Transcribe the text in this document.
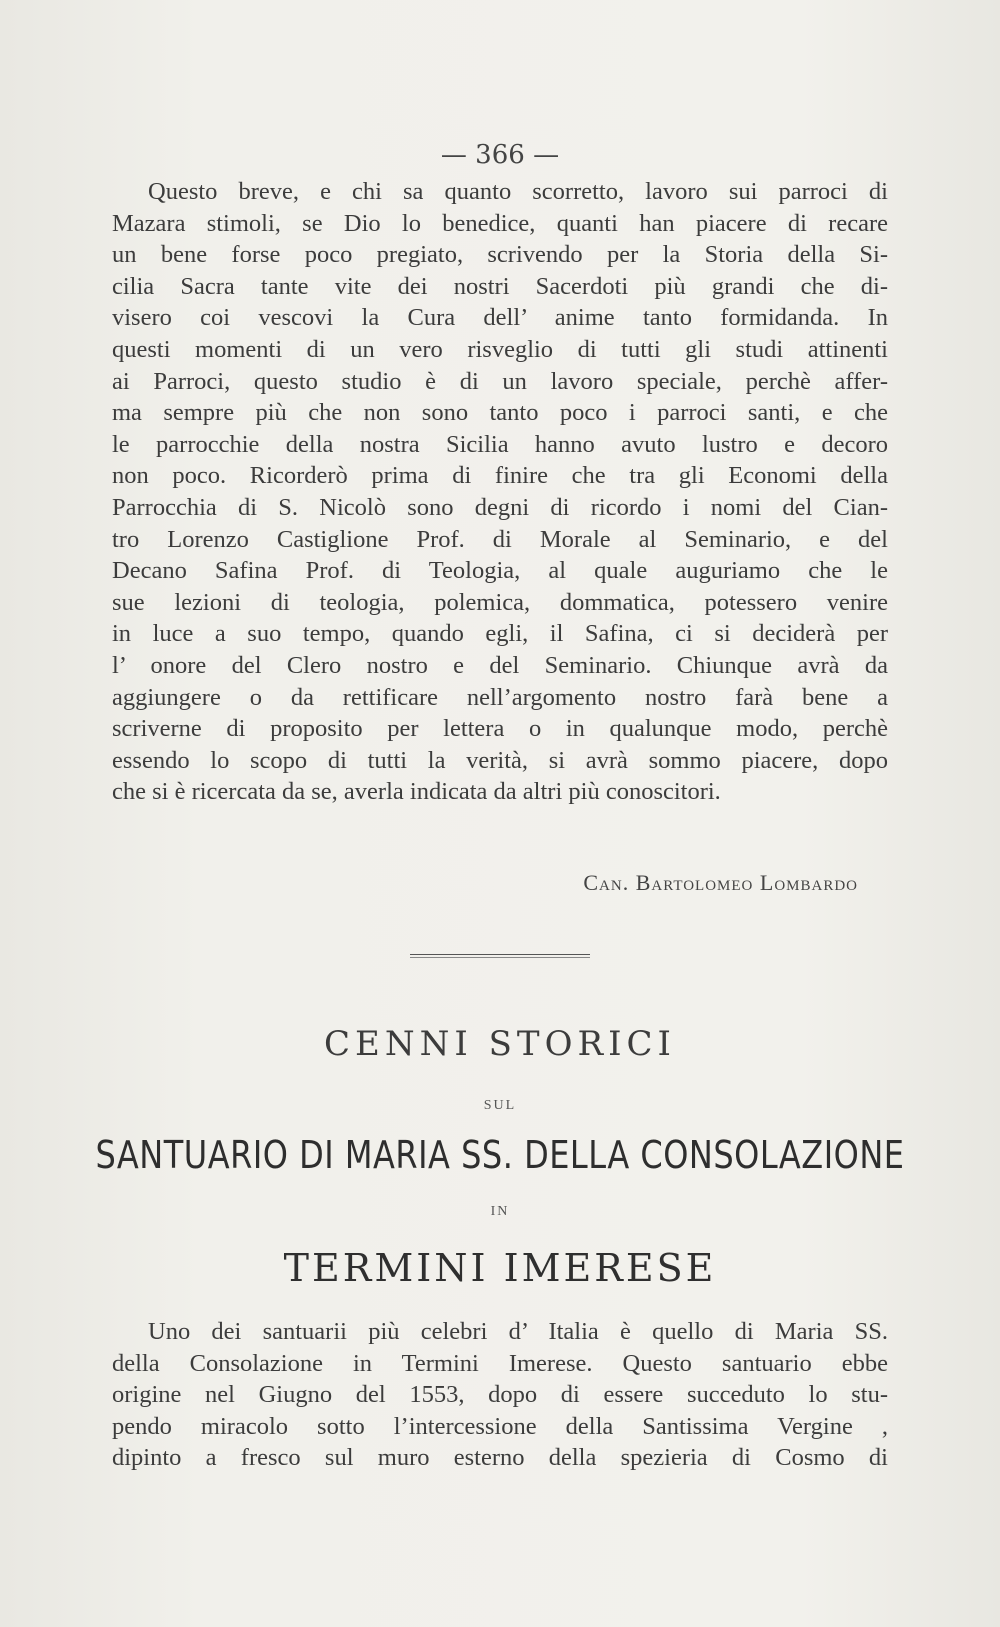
— 366 —

Questo breve, e chi sa quanto scorretto, lavoro sui parroci di

Mazara stimoli, se Dio lo benedice, quanti han piacere di recare

un bene forse poco pregiato, scrivendo per la Storia della Si-

cilia Sacra tante vite dei nostri Sacerdoti più grandi che di-

visero coi vescovi la Cura dell’ anime tanto formidanda. In

questi momenti di un vero risveglio di tutti gli studi attinenti

ai Parroci, questo studio è di un lavoro speciale, perchè affer-

ma sempre più che non sono tanto poco i parroci santi, e che

le parrocchie della nostra Sicilia hanno avuto lustro e decoro

non poco. Ricorderò prima di finire che tra gli Economi della

Parrocchia di S. Nicolò sono degni di ricordo i nomi del Cian-

tro Lorenzo Castiglione Prof. di Morale al Seminario, e del

Decano Safina Prof. di Teologia, al quale auguriamo che le

sue lezioni di teologia, polemica, dommatica, potessero venire

in luce a suo tempo, quando egli, il Safina, ci si deciderà per

l’ onore del Clero nostro e del Seminario. Chiunque avrà da

aggiungere o da rettificare nell’argomento nostro farà bene a

scriverne di proposito per lettera o in qualunque modo, perchè

essendo lo scopo di tutti la verità, si avrà sommo piacere, dopo

che si è ricercata da se, averla indicata da altri più conoscitori.

Can. Bartolomeo Lombardo
CENNI STORICI
SUL
SANTUARIO DI MARIA SS. DELLA CONSOLAZIONE
IN
TERMINI IMERESE

Uno dei santuarii più celebri d’ Italia è quello di Maria SS.

della Consolazione in Termini Imerese. Questo santuario ebbe

origine nel Giugno del 1553, dopo di essere succeduto lo stu-

pendo miracolo sotto l’intercessione della Santissima Vergine ,

dipinto a fresco sul muro esterno della spezieria di Cosmo di
